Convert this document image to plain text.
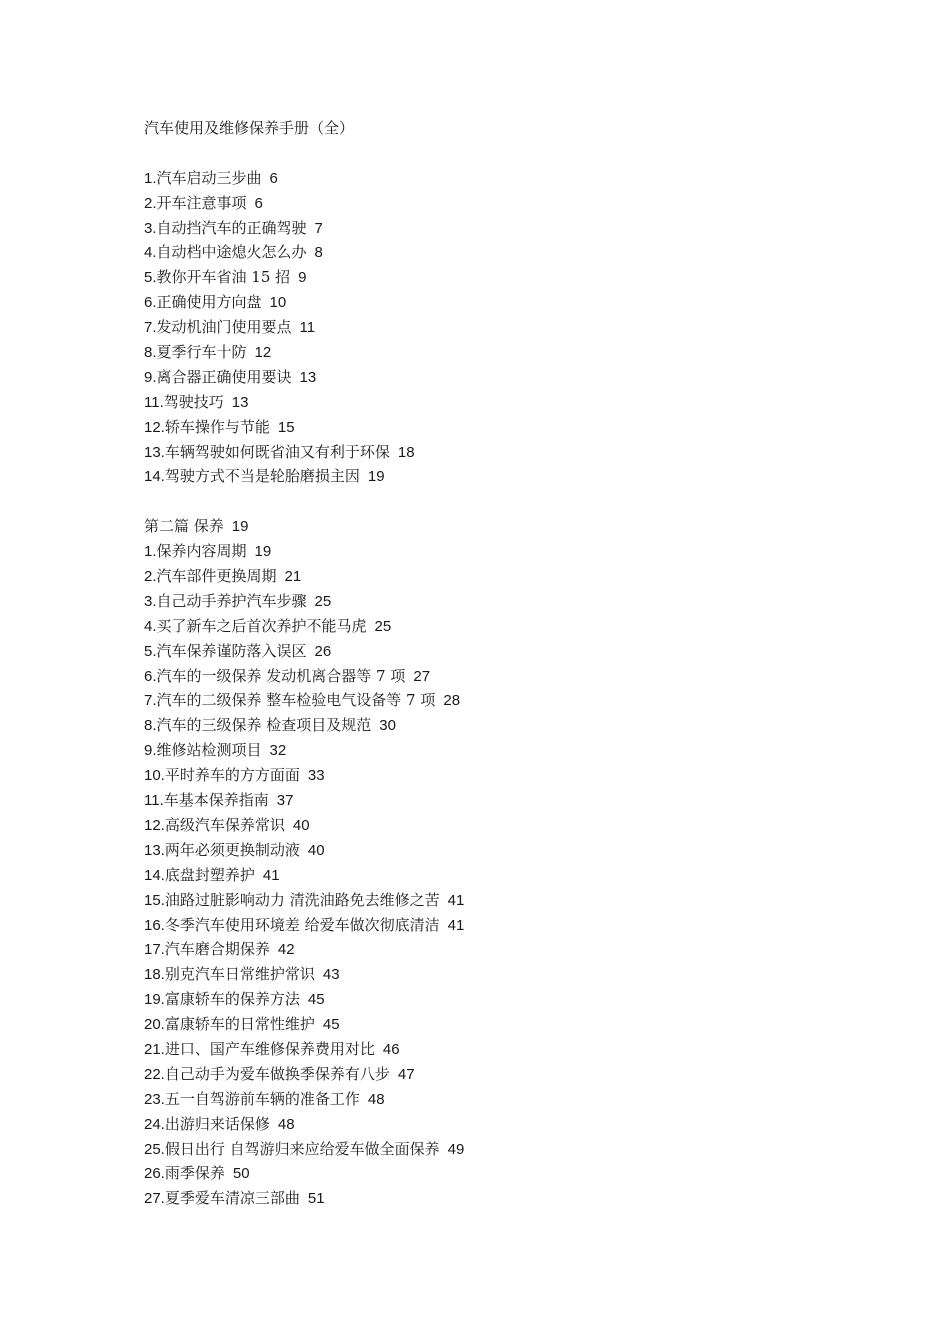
汽车使用及维修保养手册（全）
1.汽车启动三步曲 6
2.开车注意事项 6
3.自动挡汽车的正确驾驶 7
4.自动档中途熄火怎么办 8
5.教你开车省油 15 招 9
6.正确使用方向盘 10
7.发动机油门使用要点 11
8.夏季行车十防 12
9.离合器正确使用要诀 13
11.驾驶技巧 13
12.轿车操作与节能 15
13.车辆驾驶如何既省油又有利于环保 18
14.驾驶方式不当是轮胎磨损主因 19
第二篇 保养 19
1.保养内容周期 19
2.汽车部件更换周期 21
3.自己动手养护汽车步骤 25
4.买了新车之后首次养护不能马虎 25
5.汽车保养谨防落入误区 26
6.汽车的一级保养 发动机离合器等 7 项 27
7.汽车的二级保养 整车检验电气设备等 7 项 28
8.汽车的三级保养 检查项目及规范 30
9.维修站检测项目 32
10.平时养车的方方面面 33
11.车基本保养指南 37
12.高级汽车保养常识 40
13.两年必须更换制动液 40
14.底盘封塑养护 41
15.油路过脏影响动力 清洗油路免去维修之苦 41
16.冬季汽车使用环境差 给爱车做次彻底清洁 41
17.汽车磨合期保养 42
18.别克汽车日常维护常识 43
19.富康轿车的保养方法 45
20.富康轿车的日常性维护 45
21.进口、国产车维修保养费用对比 46
22.自己动手为爱车做换季保养有八步 47
23.五一自驾游前车辆的准备工作 48
24.出游归来话保修 48
25.假日出行 自驾游归来应给爱车做全面保养 49
26.雨季保养 50
27.夏季爱车清凉三部曲 51
